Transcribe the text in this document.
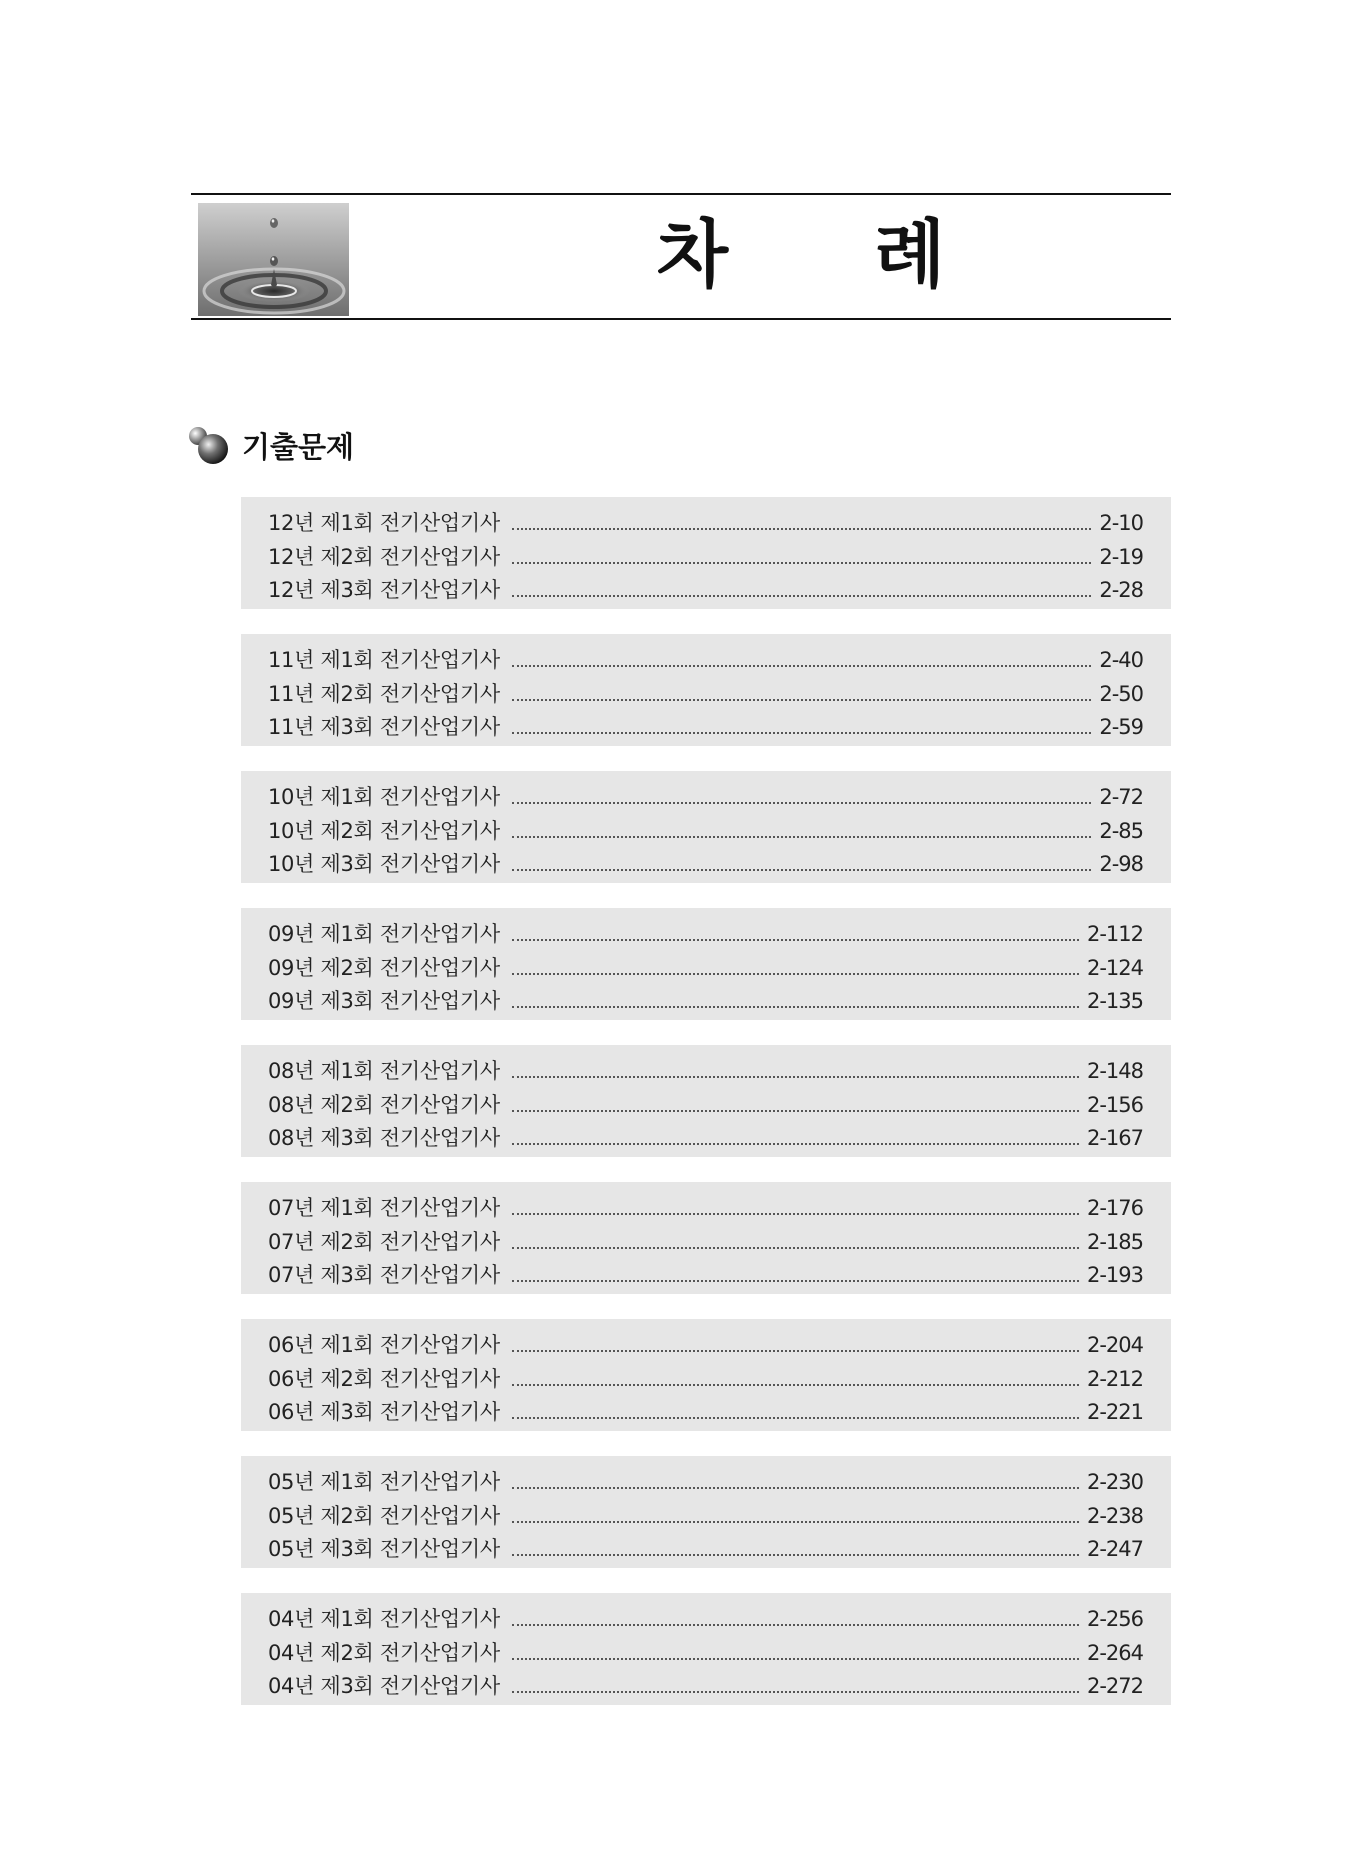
차 례
기출문제
12년 제1회 전기산업기사	2-10
12년 제2회 전기산업기사	2-19
12년 제3회 전기산업기사	2-28
11년 제1회 전기산업기사	2-40
11년 제2회 전기산업기사	2-50
11년 제3회 전기산업기사	2-59
10년 제1회 전기산업기사	2-72
10년 제2회 전기산업기사	2-85
10년 제3회 전기산업기사	2-98
09년 제1회 전기산업기사	2-112
09년 제2회 전기산업기사	2-124
09년 제3회 전기산업기사	2-135
08년 제1회 전기산업기사	2-148
08년 제2회 전기산업기사	2-156
08년 제3회 전기산업기사	2-167
07년 제1회 전기산업기사	2-176
07년 제2회 전기산업기사	2-185
07년 제3회 전기산업기사	2-193
06년 제1회 전기산업기사	2-204
06년 제2회 전기산업기사	2-212
06년 제3회 전기산업기사	2-221
05년 제1회 전기산업기사	2-230
05년 제2회 전기산업기사	2-238
05년 제3회 전기산업기사	2-247
04년 제1회 전기산업기사	2-256
04년 제2회 전기산업기사	2-264
04년 제3회 전기산업기사	2-272
